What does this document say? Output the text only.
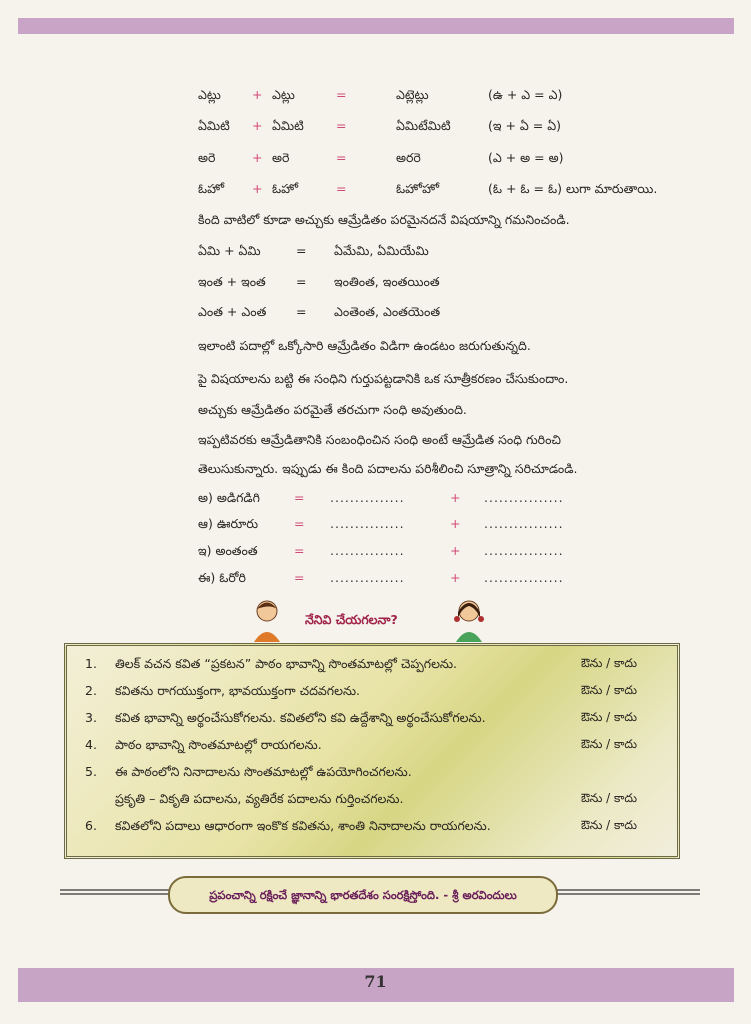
ఎట్లు + ఎట్లు	=	ఎట్లెట్లు	(ఉ + ఎ = ఎ)
ఏమిటి + ఏమిటి	=	ఏమిటేమిటి	(ఇ + ఏ = ఏ)
అరె	+ అరె	=	అరరె	(ఎ + అ = అ)
ఓహో + ఓహో	=	ఓహోహో	(ఓ + ఓ = ఓ) లుగా మారుతాయి.
కింది వాటిలో కూడా అచ్చుకు ఆమ్రేడితం పరమైనదనే విషయాన్ని గమనించండి.
ఏమి + ఏమి	= ఏమేమి, ఏమియేమి
ఇంత + ఇంత = ఇంతింత, ఇంతయింత
ఎంత + ఎంత = ఎంతెంత, ఎంతయెంత
ఇలాంటి పదాల్లో ఒక్కోసారి ఆమ్రేడితం విడిగా ఉండటం జరుగుతున్నది.
పై విషయాలను బట్టి ఈ సంధిని గుర్తుపట్టడానికి ఒక సూత్రీకరణం చేసుకుందాం.
అచ్చుకు ఆమ్రేడితం పరమైతే తరచుగా సంధి అవుతుంది.
ఇప్పటివరకు ఆమ్రేడితానికి సంబంధించిన సంధి అంటే ఆమ్రేడిత సంధి గురించి
తెలుసుకున్నారు. ఇప్పుడు ఈ కింది పదాలను పరిశీలించి సూత్రాన్ని సరిచూడండి.
అ) అడిగడిగి	= ...............	+ ................
ఆ) ఊరూరు	= ...............	+ ................
ఇ) అంతంత	= ...............	+ ................
ఈ) ఓరోరి	= ...............	+ ................
నేనివి చేయగలనా?
1. తిలక్ వచన కవిత “ప్రకటన” పాఠం భావాన్ని సొంతమాటల్లో చెప్పగలను.	ఔను / కాదు
2. కవితను రాగయుక్తంగా, భావయుక్తంగా చదవగలను.	ఔను / కాదు
3. కవిత భావాన్ని అర్థంచేసుకోగలను. కవితలోని కవి ఉద్దేశాన్ని అర్థంచేసుకోగలను.	ఔను / కాదు
4. పాఠం భావాన్ని సొంతమాటల్లో రాయగలను.	ఔను / కాదు
5. ఈ పాఠంలోని నినాదాలను సొంతమాటల్లో ఉపయోగించగలను.
ప్రకృతి – వికృతి పదాలను, వ్యతిరేక పదాలను గుర్తించగలను.	ఔను / కాదు
6. కవితలోని పదాలు ఆధారంగా ఇంకొక కవితను, శాంతి నినాదాలను రాయగలను.	ఔను / కాదు
ప్రపంచాన్ని రక్షించే జ్ఞానాన్ని భారతదేశం సంరక్షిస్తోంది. - శ్రీ అరవిందులు
71
